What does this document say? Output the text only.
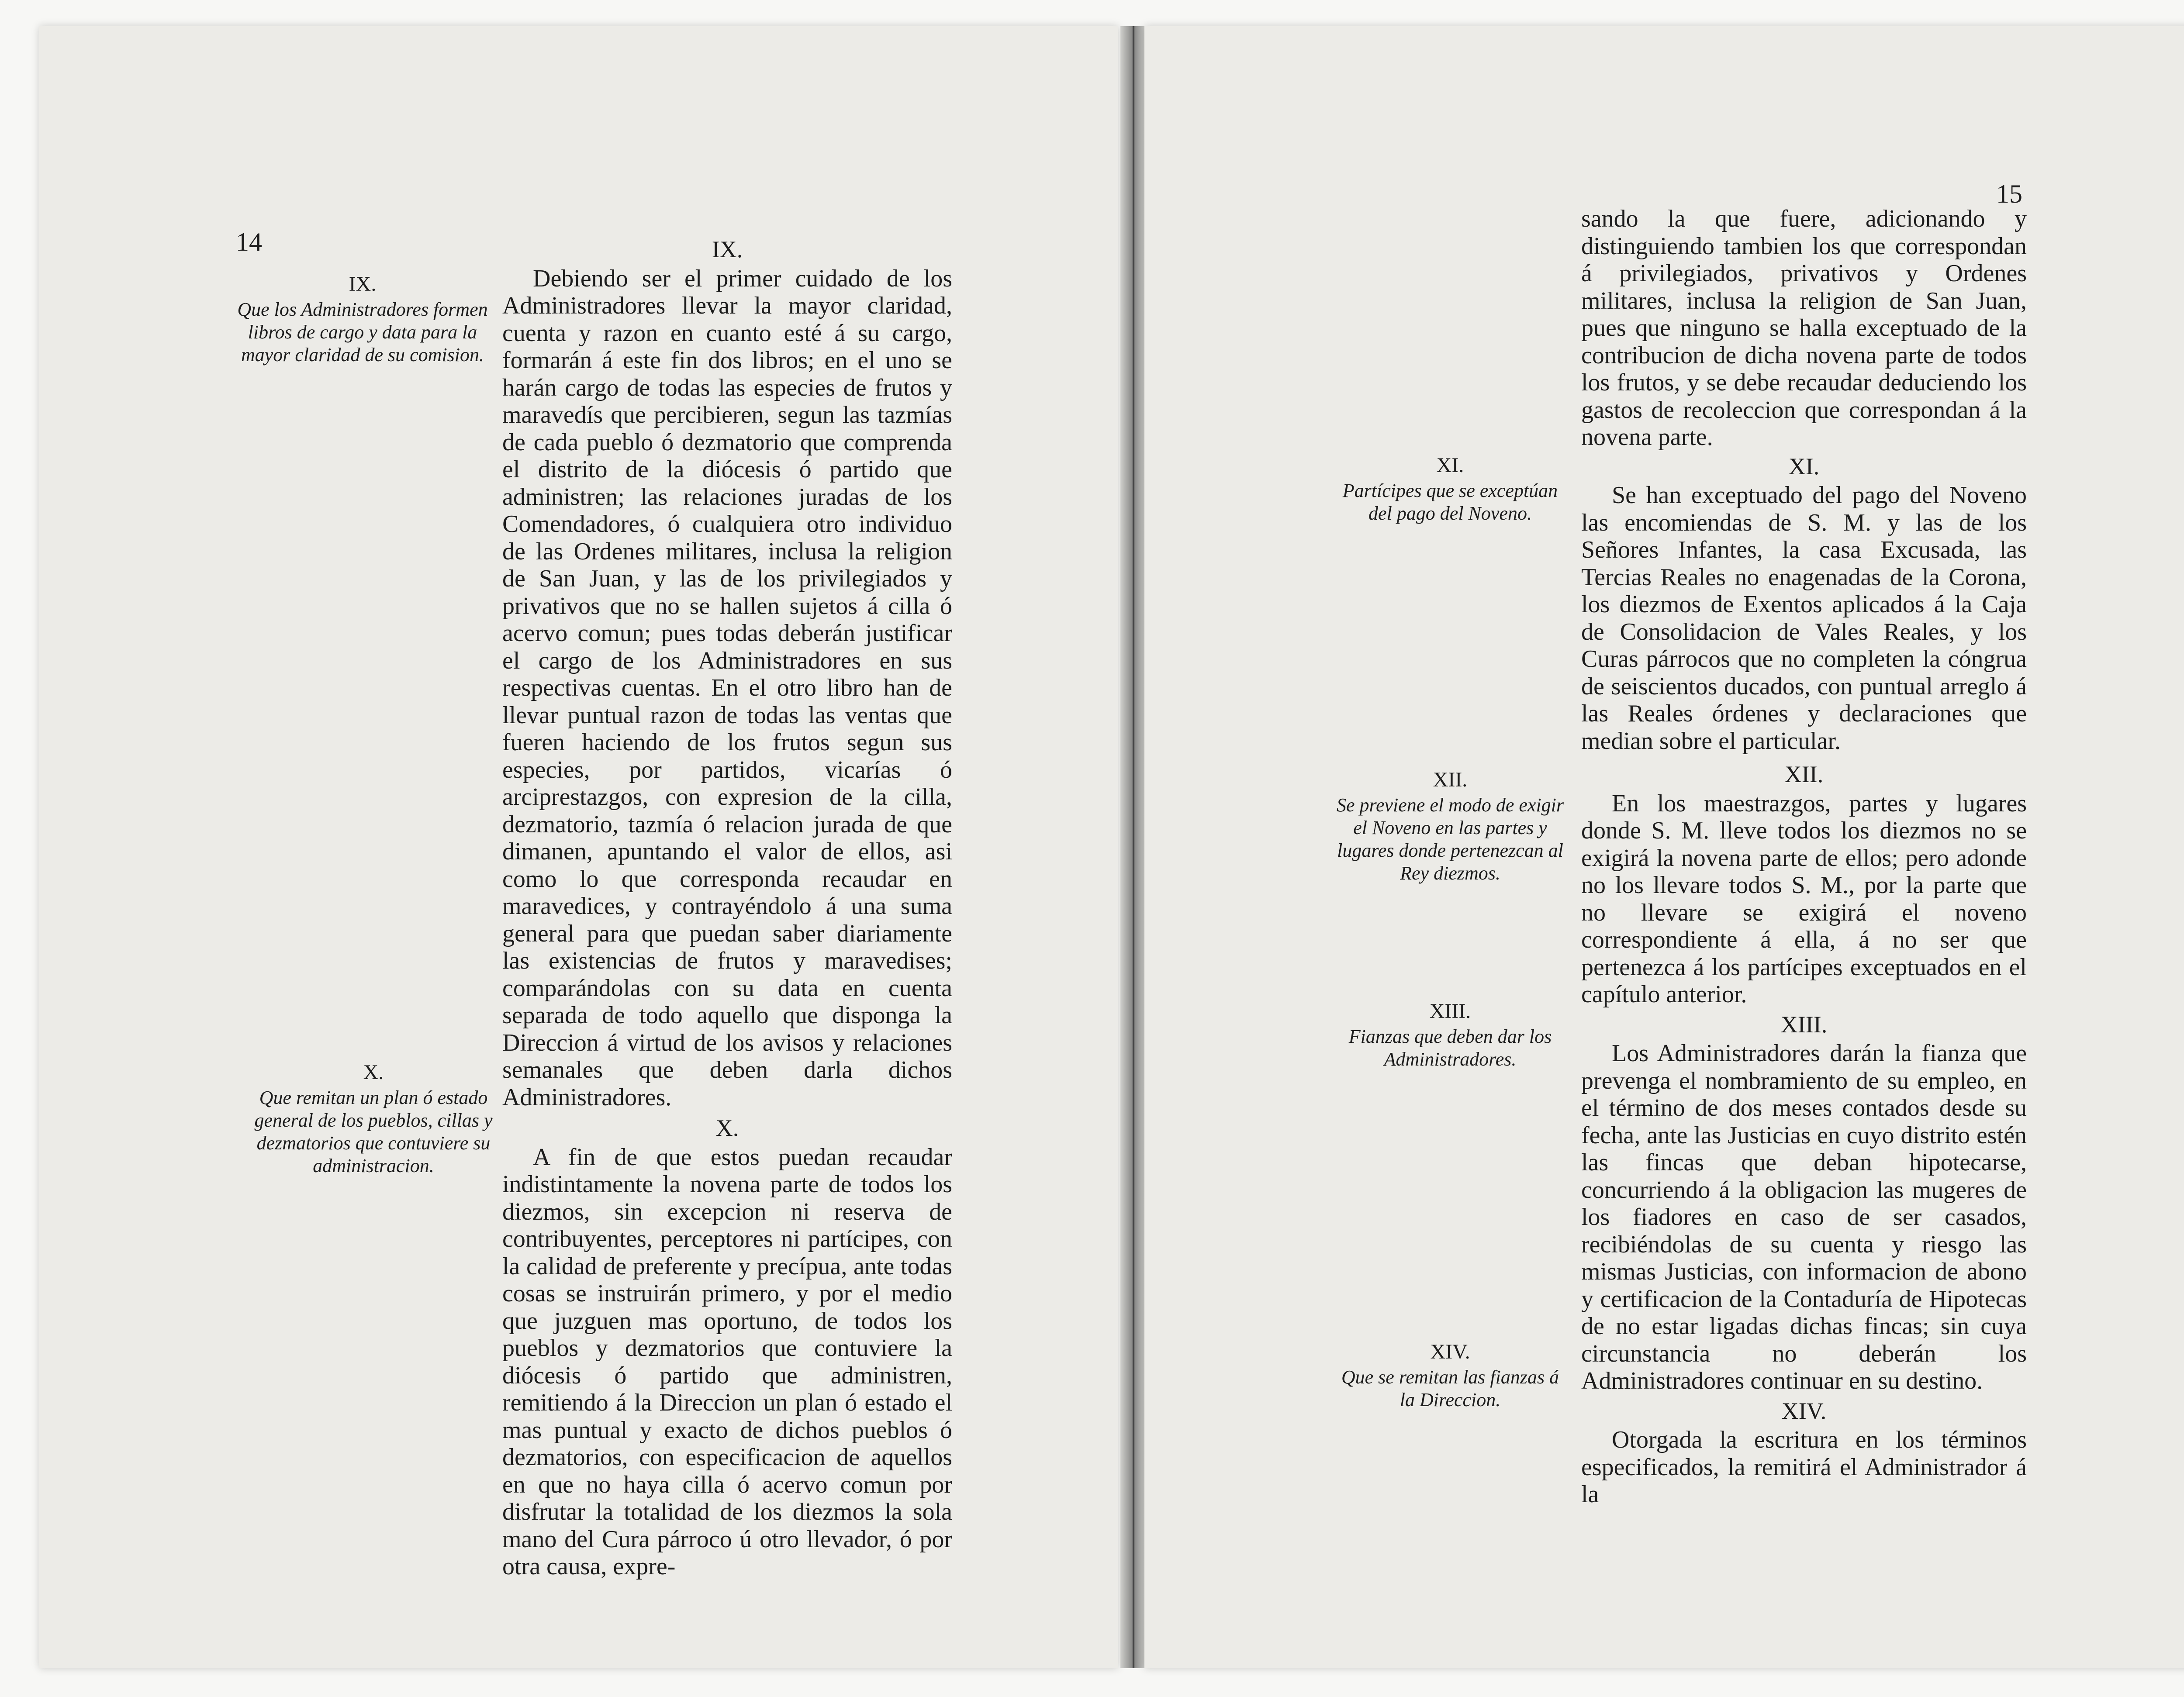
14
IX.
Que los Administradores formen libros de cargo y data para la mayor claridad de su comision.
X.
Que remitan un plan ó estado general de los pueblos, cillas y dezmatorios que contuviere su administracion.
IX.

Debiendo ser el primer cuidado de los Administradores llevar la mayor claridad, cuenta y razon en cuanto esté á su cargo, formarán á este fin dos libros; en el uno se harán cargo de todas las especies de frutos y maravedís que percibieren, segun las tazmías de cada pueblo ó dezmatorio que comprenda el distrito de la diócesis ó partido que administren; las relaciones juradas de los Comendadores, ó cualquiera otro individuo de las Ordenes militares, inclusa la religion de San Juan, y las de los privilegiados y privativos que no se hallen sujetos á cilla ó acervo comun; pues todas deberán justificar el cargo de los Administradores en sus respectivas cuentas. En el otro libro han de llevar puntual razon de todas las ventas que fueren haciendo de los frutos segun sus especies, por partidos, vicarías ó arciprestazgos, con expresion de la cilla, dezmatorio, tazmía ó relacion jurada de que dimanen, apuntando el valor de ellos, asi como lo que corresponda recaudar en maravedices, y contrayéndolo á una suma general para que puedan saber diariamente las existencias de frutos y maravedises; comparándolas con su data en cuenta separada de todo aquello que disponga la Direccion á virtud de los avisos y relaciones semanales que deben darla dichos Administradores.

X.

A fin de que estos puedan recaudar indistintamente la novena parte de todos los diezmos, sin excepcion ni reserva de contribuyentes, perceptores ni partícipes, con la calidad de preferente y precípua, ante todas cosas se instruirán primero, y por el medio que juzguen mas oportuno, de todos los pueblos y dezmatorios que contuviere la diócesis ó partido que administren, remitiendo á la Direccion un plan ó estado el mas puntual y exacto de dichos pueblos ó dezmatorios, con especificacion de aquellos en que no haya cilla ó acervo comun por disfrutar la totalidad de los diezmos la sola mano del Cura párroco ú otro llevador, ó por otra causa, expre-

15
XI.
Partícipes que se exceptúan del pago del Noveno.
XII.
Se previene el modo de exigir el Noveno en las partes y lugares donde pertenezcan al Rey diezmos.
XIII.
Fianzas que deben dar los Administradores.
XIV.
Que se remitan las fianzas á la Direccion.

sando la que fuere, adicionando y distinguiendo tambien los que correspondan á privilegiados, privativos y Ordenes militares, inclusa la religion de San Juan, pues que ninguno se halla exceptuado de la contribucion de dicha novena parte de todos los frutos, y se debe recaudar deduciendo los gastos de recoleccion que correspondan á la novena parte.

XI.

Se han exceptuado del pago del Noveno las encomiendas de S. M. y las de los Señores Infantes, la casa Excusada, las Tercias Reales no enagenadas de la Corona, los diezmos de Exentos aplicados á la Caja de Consolidacion de Vales Reales, y los Curas párrocos que no completen la cóngrua de seiscientos ducados, con puntual arreglo á las Reales órdenes y declaraciones que median sobre el particular.

XII.

En los maestrazgos, partes y lugares donde S. M. lleve todos los diezmos no se exigirá la novena parte de ellos; pero adonde no los llevare todos S. M., por la parte que no llevare se exigirá el noveno correspondiente á ella, á no ser que pertenezca á los partícipes exceptuados en el capítulo anterior.

XIII.

Los Administradores darán la fianza que prevenga el nombramiento de su empleo, en el término de dos meses contados desde su fecha, ante las Justicias en cuyo distrito estén las fincas que deban hipotecarse, concurriendo á la obligacion las mugeres de los fiadores en caso de ser casados, recibiéndolas de su cuenta y riesgo las mismas Justicias, con informacion de abono y certificacion de la Contaduría de Hipotecas de no estar ligadas dichas fincas; sin cuya circunstancia no deberán los Administradores continuar en su destino.

XIV.

Otorgada la escritura en los términos especificados, la remitirá el Administrador á la
